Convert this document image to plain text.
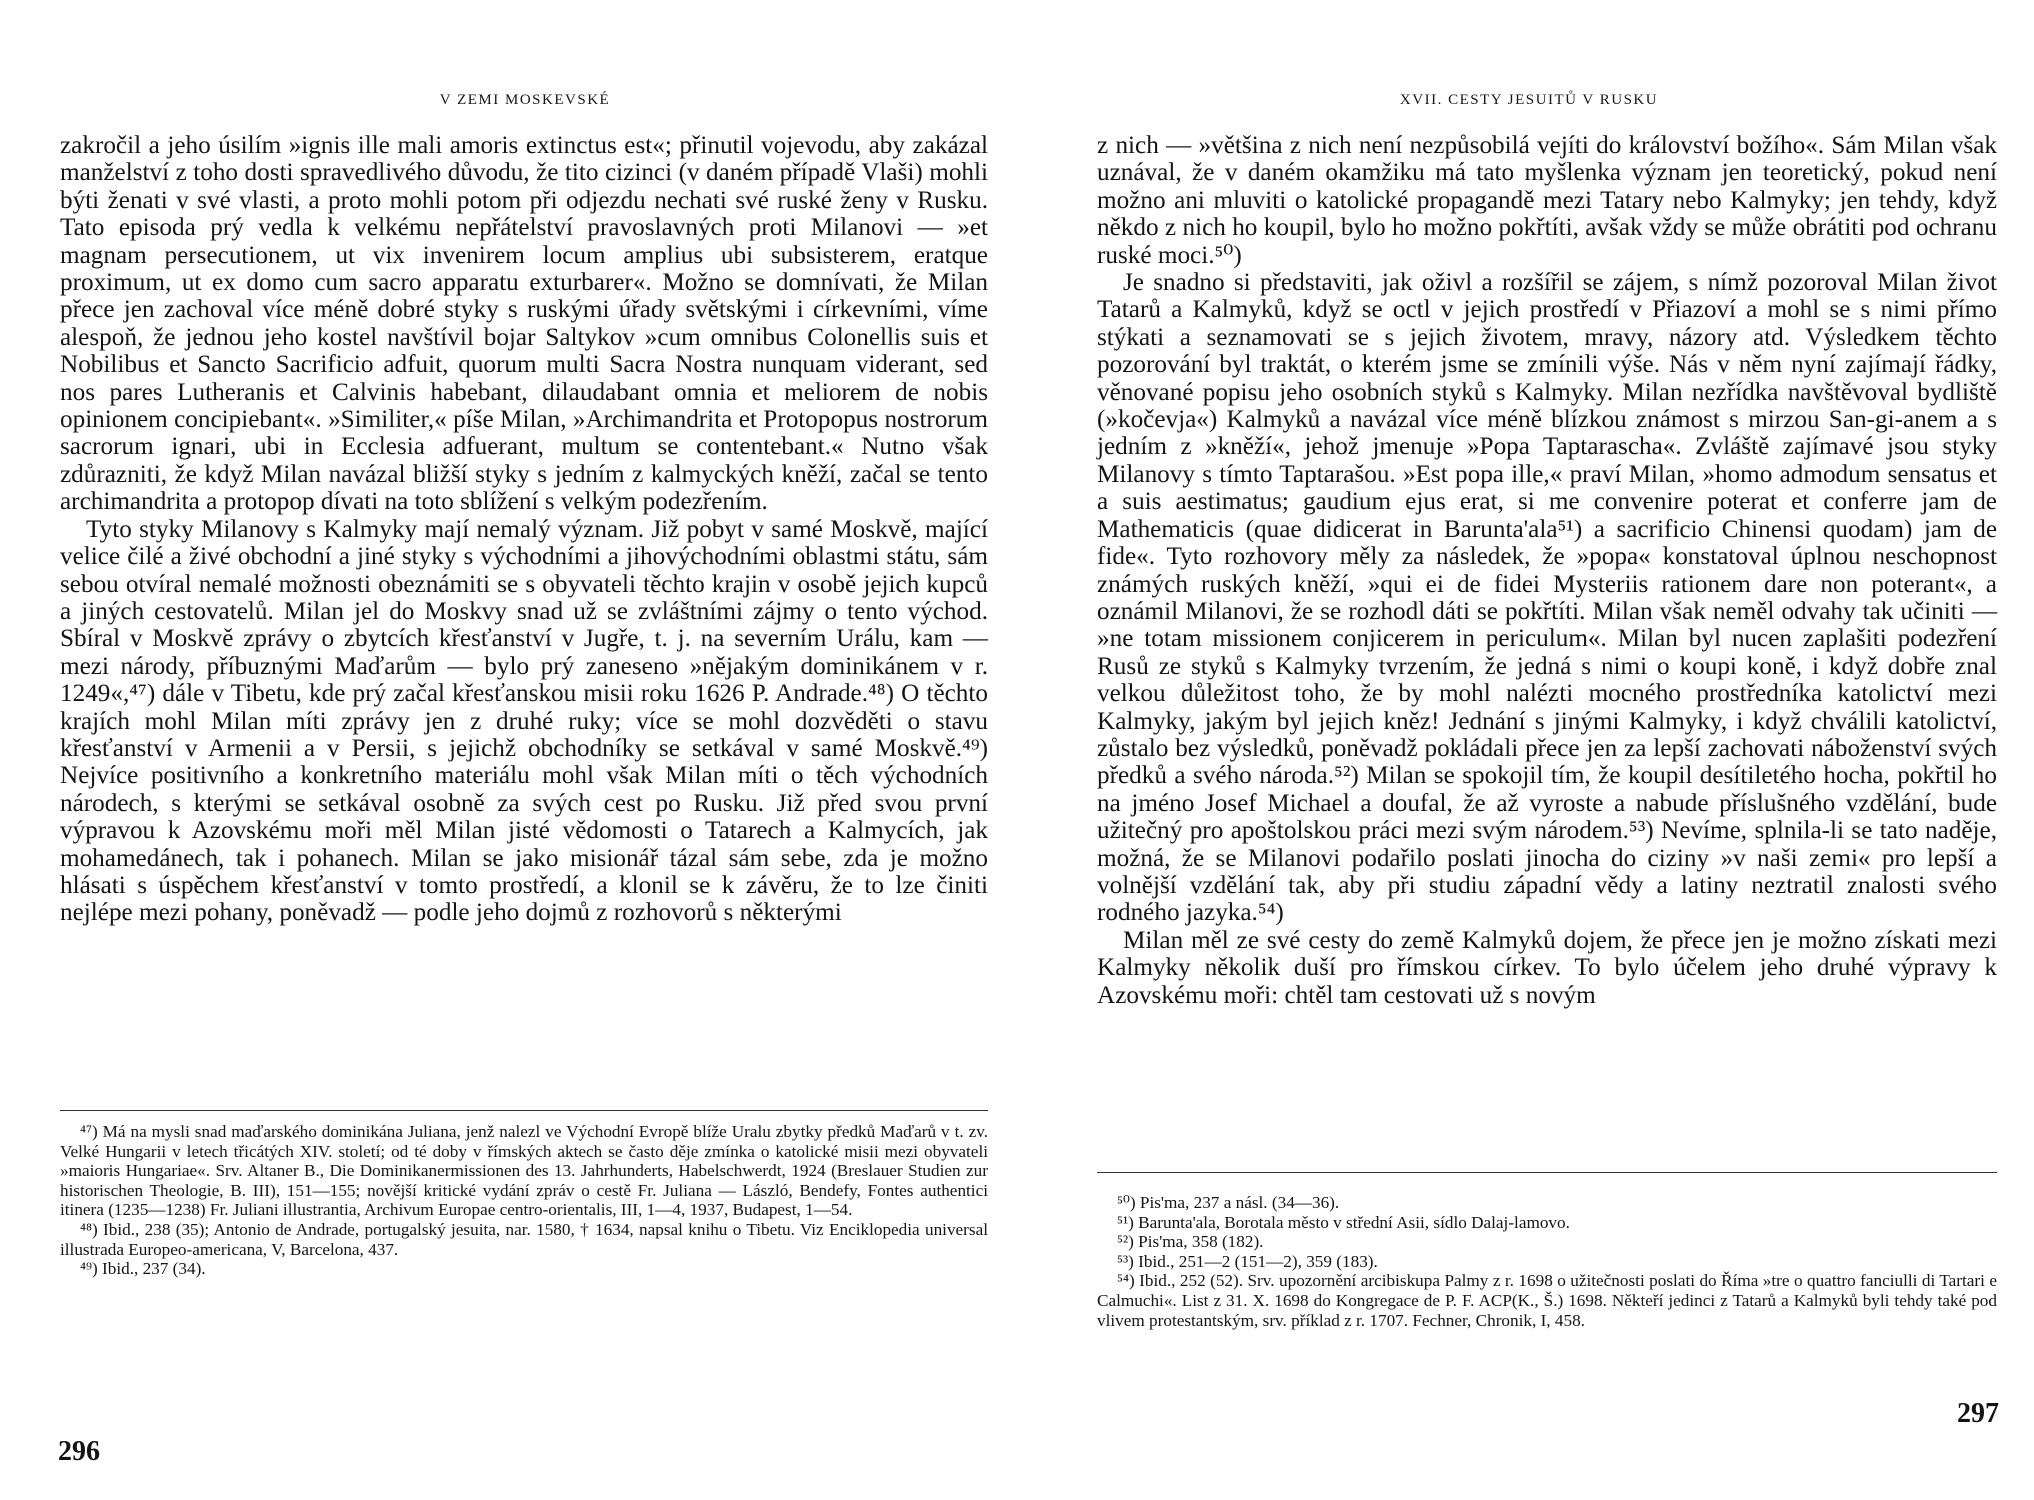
V ZEMI MOSKEVSKÉ

zakročil a jeho úsilím »ignis ille mali amoris extinctus est«; přinutil vojevodu, aby zakázal manželství z toho dosti spravedlivého důvodu, že tito cizinci (v daném případě Vlaši) mohli býti ženati v své vlasti, a proto mohli potom při odjezdu nechati své ruské ženy v Rusku. Tato episoda prý vedla k velkému nepřátelství pravoslavných proti Milanovi — »et magnam persecutionem, ut vix invenirem locum amplius ubi subsisterem, eratque proximum, ut ex domo cum sacro apparatu exturbarer«. Možno se domnívati, že Milan přece jen zachoval více méně dobré styky s ruskými úřady světskými i církevními, víme alespoň, že jednou jeho kostel navštívil bojar Saltykov »cum omnibus Colonellis suis et Nobilibus et Sancto Sacrificio adfuit, quorum multi Sacra Nostra nunquam viderant, sed nos pares Lutheranis et Calvinis habebant, dilaudabant omnia et meliorem de nobis opinionem concipiebant«. »Similiter,« píše Milan, »Archimandrita et Protopopus nostrorum sacrorum ignari, ubi in Ecclesia adfuerant, multum se contentebant.« Nutno však zdůrazniti, že když Milan navázal bližší styky s jedním z kalmyckých kněží, začal se tento archimandrita a protopop dívati na toto sblížení s velkým podezřením.

Tyto styky Milanovy s Kalmyky mají nemalý význam. Již pobyt v samé Moskvě, mající velice čilé a živé obchodní a jiné styky s východními a jihovýchodními oblastmi státu, sám sebou otvíral nemalé možnosti obeznámiti se s obyvateli těchto krajin v osobě jejich kupců a jiných cestovatelů. Milan jel do Moskvy snad už se zvláštními zájmy o tento východ. Sbíral v Moskvě zprávy o zbytcích křesťanství v Jugře, t. j. na severním Urálu, kam — mezi národy, příbuznými Maďarům — bylo prý zaneseno »nějakým dominikánem v r. 1249«,⁴⁷) dále v Tibetu, kde prý začal křesťanskou misii roku 1626 P. Andrade.⁴⁸) O těchto krajích mohl Milan míti zprávy jen z druhé ruky; více se mohl dozvěděti o stavu křesťanství v Armenii a v Persii, s jejichž obchodníky se setkával v samé Moskvě.⁴⁹) Nejvíce positivního a konkretního materiálu mohl však Milan míti o těch východních národech, s kterými se setkával osobně za svých cest po Rusku. Již před svou první výpravou k Azovskému moři měl Milan jisté vědomosti o Tatarech a Kalmycích, jak mohamedánech, tak i pohanech. Milan se jako misionář tázal sám sebe, zda je možno hlásati s úspěchem křesťanství v tomto prostředí, a klonil se k závěru, že to lze činiti nejlépe mezi pohany, poněvadž — podle jeho dojmů z rozhovorů s některými

⁴⁷) Má na mysli snad maďarského dominikána Juliana, jenž nalezl ve Východní Evropě blíže Uralu zbytky předků Maďarů v t. zv. Velké Hungarii v letech třicátých XIV. století; od té doby v římských aktech se často děje zmínka o katolické misii mezi obyvateli »maioris Hungariae«. Srv. Altaner B., Die Dominikanermissionen des 13. Jahrhunderts, Habelschwerdt, 1924 (Breslauer Studien zur historischen Theologie, B. III), 151—155; novější kritické vydání zpráv o cestě Fr. Juliana — László, Bendefy, Fontes authentici itinera (1235—1238) Fr. Juliani illustrantia, Archivum Europae centro-orientalis, III, 1—4, 1937, Budapest, 1—54.

⁴⁸) Ibid., 238 (35); Antonio de Andrade, portugalský jesuita, nar. 1580, † 1634, napsal knihu o Tibetu. Viz Enciklopedia universal illustrada Europeo-americana, V, Barcelona, 437.

⁴⁹) Ibid., 237 (34).

296
XVII. CESTY JESUITŮ V RUSKU

z nich — »většina z nich není nezpůsobilá vejíti do království božího«. Sám Milan však uznával, že v daném okamžiku má tato myšlenka význam jen teoretický, pokud není možno ani mluviti o katolické propagandě mezi Tatary nebo Kalmyky; jen tehdy, když někdo z nich ho koupil, bylo ho možno pokřtíti, avšak vždy se může obrátiti pod ochranu ruské moci.⁵⁰)

Je snadno si představiti, jak oživl a rozšířil se zájem, s nímž pozoroval Milan život Tatarů a Kalmyků, když se octl v jejich prostředí v Přiazoví a mohl se s nimi přímo stýkati a seznamovati se s jejich životem, mravy, názory atd. Výsledkem těchto pozorování byl traktát, o kterém jsme se zmínili výše. Nás v něm nyní zajímají řádky, věnované popisu jeho osobních styků s Kalmyky. Milan nezřídka navštěvoval bydliště (»kočevja«) Kalmyků a navázal více méně blízkou známost s mirzou San-gi-anem a s jedním z »kněží«, jehož jmenuje »Popa Taptarascha«. Zvláště zajímavé jsou styky Milanovy s tímto Taptarašou. »Est popa ille,« praví Milan, »homo admodum sensatus et a suis aestimatus; gaudium ejus erat, si me convenire poterat et conferre jam de Mathematicis (quae didicerat in Barunta'ala⁵¹) a sacrificio Chinensi quodam) jam de fide«. Tyto rozhovory měly za následek, že »popa« konstatoval úplnou neschopnost známých ruských kněží, »qui ei de fidei Mysteriis rationem dare non poterant«, a oznámil Milanovi, že se rozhodl dáti se pokřtíti. Milan však neměl odvahy tak učiniti — »ne totam missionem conjicerem in periculum«. Milan byl nucen zaplašiti podezření Rusů ze styků s Kalmyky tvrzením, že jedná s nimi o koupi koně, i když dobře znal velkou důležitost toho, že by mohl nalézti mocného prostředníka katolictví mezi Kalmyky, jakým byl jejich kněz! Jednání s jinými Kalmyky, i když chválili katolictví, zůstalo bez výsledků, poněvadž pokládali přece jen za lepší zachovati náboženství svých předků a svého národa.⁵²) Milan se spokojil tím, že koupil desítiletého hocha, pokřtil ho na jméno Josef Michael a doufal, že až vyroste a nabude příslušného vzdělání, bude užitečný pro apoštolskou práci mezi svým národem.⁵³) Nevíme, splnila-li se tato naděje, možná, že se Milanovi podařilo poslati jinocha do ciziny »v naši zemi« pro lepší a volnější vzdělání tak, aby při studiu západní vědy a latiny neztratil znalosti svého rodného jazyka.⁵⁴)

Milan měl ze své cesty do země Kalmyků dojem, že přece jen je možno získati mezi Kalmyky několik duší pro římskou církev. To bylo účelem jeho druhé výpravy k Azovskému moři: chtěl tam cestovati už s novým

⁵⁰) Pis'ma, 237 a násl. (34—36).

⁵¹) Barunta'ala, Borotala město v střední Asii, sídlo Dalaj-lamovo.

⁵²) Pis'ma, 358 (182).

⁵³) Ibid., 251—2 (151—2), 359 (183).

⁵⁴) Ibid., 252 (52). Srv. upozornění arcibiskupa Palmy z r. 1698 o užitečnosti poslati do Říma »tre o quattro fanciulli di Tartari e Calmuchi«. List z 31. X. 1698 do Kongregace de P. F. ACP(K., Š.) 1698. Někteří jedinci z Tatarů a Kalmyků byli tehdy také pod vlivem protestantským, srv. příklad z r. 1707. Fechner, Chronik, I, 458.

297
